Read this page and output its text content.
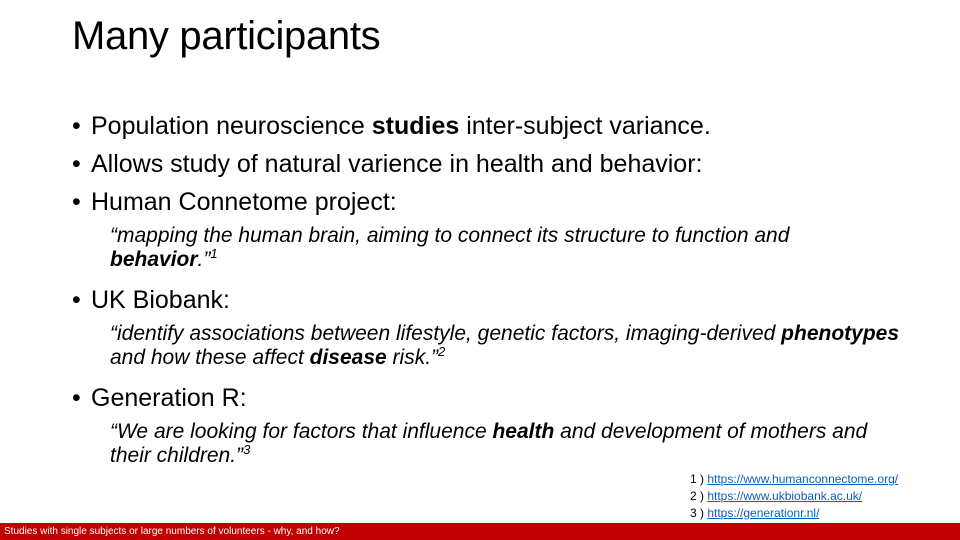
Many participants
• Population neuroscience studies inter-subject variance.
• Allows study of natural varience in health and behavior:
• Human Connetome project:
“mapping the human brain, aiming to connect its structure to function and behavior.”$^1$
• UK Biobank:
“identify associations between lifestyle, genetic factors, imaging-derived phenotypes and how these affect disease risk.”$^2$
• Generation R:
“We are looking for factors that influence health and development of mothers and their children.”$^3$
1 ) https://www.humanconnectome.org/
2 ) https://www.ukbiobank.ac.uk/
3 ) https://generationr.nl/
Studies with single subjects or large numbers of volunteers - why, and how?
